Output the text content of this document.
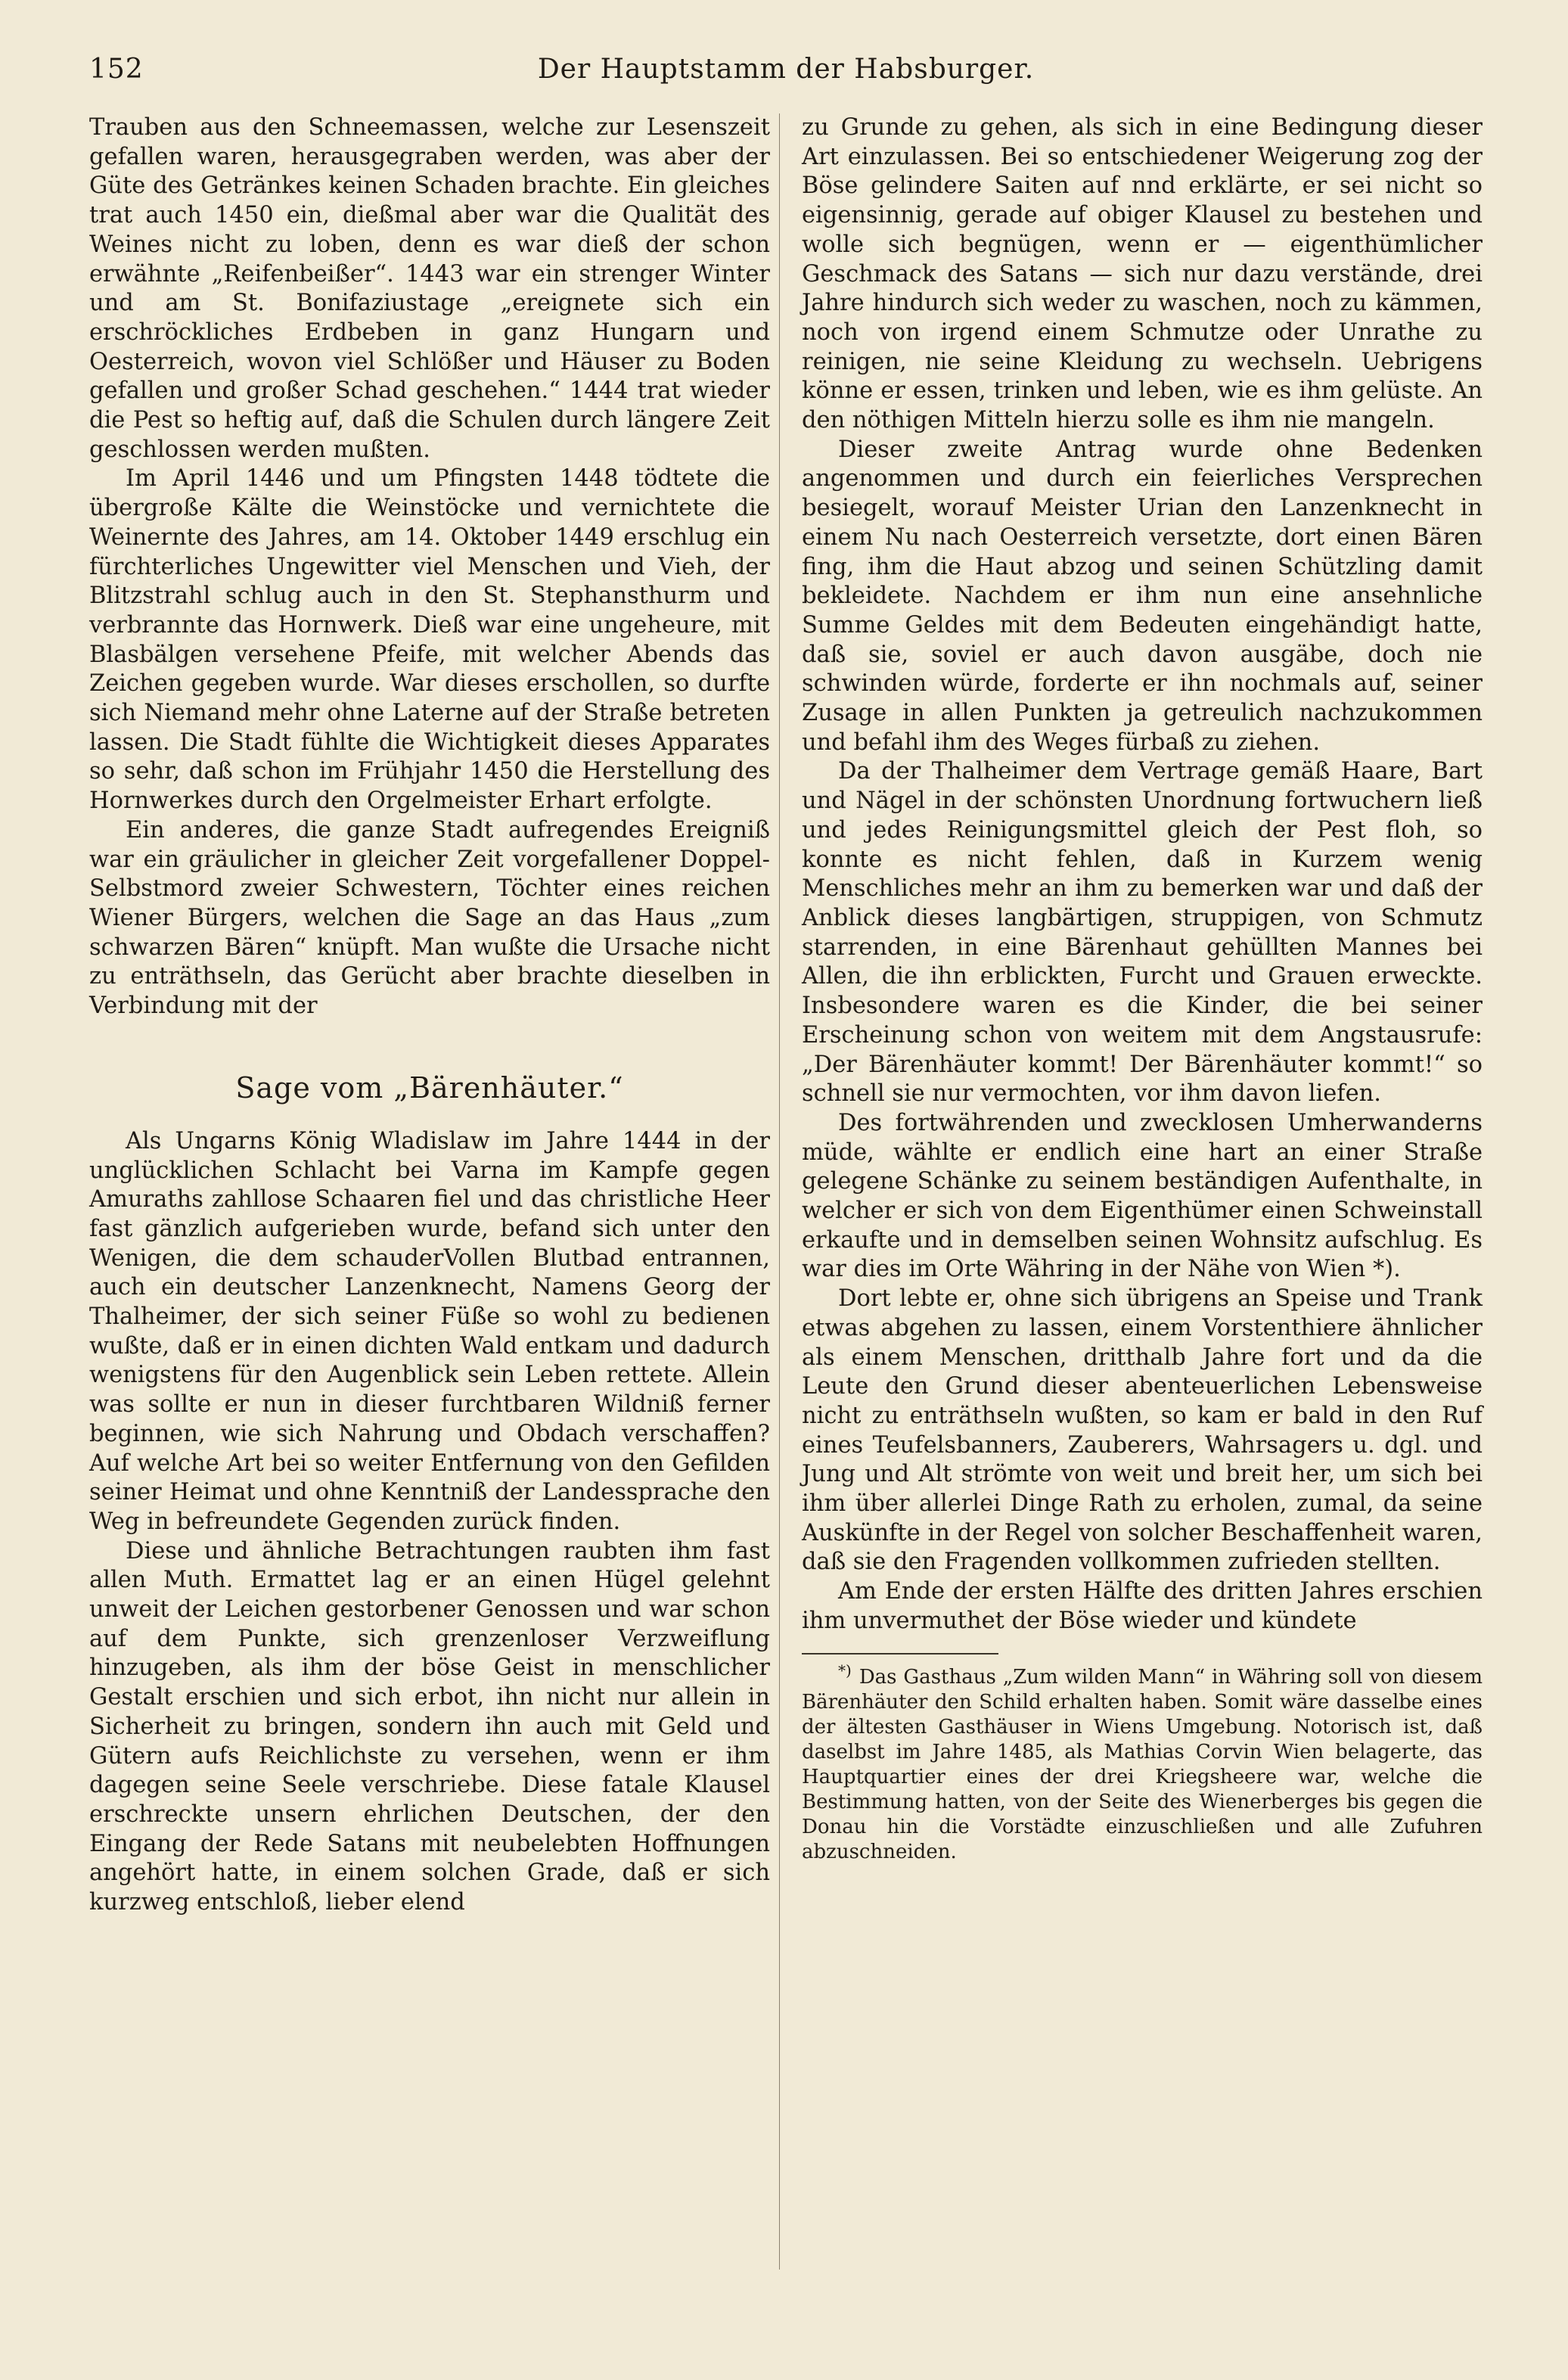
152	Der Hauptstamm der Habsburger.

Trauben aus den Schneemassen, welche zur Lesenszeit gefallen waren, herausgegraben werden, was aber der Güte des Getränkes keinen Schaden brachte. Ein gleiches trat auch 1450 ein, dießmal aber war die Qualität des Weines nicht zu loben, denn es war dieß der schon erwähnte „Reifenbeißer“. 1443 war ein strenger Winter und am St. Bonifaziustage „ereignete sich ein erschröckliches Erdbeben in ganz Hungarn und Oesterreich, wovon viel Schlößer und Häuser zu Boden gefallen und großer Schad geschehen.“ 1444 trat wieder die Pest so heftig auf, daß die Schulen durch längere Zeit geschlossen werden mußten.

Im April 1446 und um Pfingsten 1448 tödtete die übergroße Kälte die Weinstöcke und vernichtete die Weinernte des Jahres, am 14. Oktober 1449 erschlug ein fürchterliches Ungewitter viel Menschen und Vieh, der Blitzstrahl schlug auch in den St. Stephansthurm und verbrannte das Hornwerk. Dieß war eine ungeheure, mit Blasbälgen versehene Pfeife, mit welcher Abends das Zeichen gegeben wurde. War dieses erschollen, so durfte sich Niemand mehr ohne Laterne auf der Straße betreten lassen. Die Stadt fühlte die Wichtigkeit dieses Apparates so sehr, daß schon im Frühjahr 1450 die Herstellung des Hornwerkes durch den Orgelmeister Erhart erfolgte.

Ein anderes, die ganze Stadt aufregendes Ereigniß war ein gräulicher in gleicher Zeit vorgefallener Doppel-Selbstmord zweier Schwestern, Töchter eines reichen Wiener Bürgers, welchen die Sage an das Haus „zum schwarzen Bären“ knüpft. Man wußte die Ursache nicht zu enträthseln, das Gerücht aber brachte dieselben in Verbindung mit der

Sage vom „Bärenhäuter.“

Als Ungarns König Wladislaw im Jahre 1444 in der unglücklichen Schlacht bei Varna im Kampfe gegen Amuraths zahllose Schaaren fiel und das christliche Heer fast gänzlich aufgerieben wurde, befand sich unter den Wenigen, die dem schauderVollen Blutbad entrannen, auch ein deutscher Lanzenknecht, Namens Georg der Thalheimer, der sich seiner Füße so wohl zu bedienen wußte, daß er in einen dichten Wald entkam und dadurch wenigstens für den Augenblick sein Leben rettete. Allein was sollte er nun in dieser furchtbaren Wildniß ferner beginnen, wie sich Nahrung und Obdach verschaffen? Auf welche Art bei so weiter Entfernung von den Gefilden seiner Heimat und ohne Kenntniß der Landessprache den Weg in befreundete Gegenden zurück finden.

Diese und ähnliche Betrachtungen raubten ihm fast allen Muth. Ermattet lag er an einen Hügel gelehnt unweit der Leichen gestorbener Genossen und war schon auf dem Punkte, sich grenzenloser Verzweiflung hinzugeben, als ihm der böse Geist in menschlicher Gestalt erschien und sich erbot, ihn nicht nur allein in Sicherheit zu bringen, sondern ihn auch mit Geld und Gütern aufs Reichlichste zu versehen, wenn er ihm dagegen seine Seele verschriebe. Diese fatale Klausel erschreckte unsern ehrlichen Deutschen, der den Eingang der Rede Satans mit neubelebten Hoffnungen angehört hatte, in einem solchen Grade, daß er sich kurzweg entschloß, lieber elend

zu Grunde zu gehen, als sich in eine Bedingung dieser Art einzulassen. Bei so entschiedener Weigerung zog der Böse gelindere Saiten auf nnd erklärte, er sei nicht so eigensinnig, gerade auf obiger Klausel zu bestehen und wolle sich begnügen, wenn er — eigenthümlicher Geschmack des Satans — sich nur dazu verstände, drei Jahre hindurch sich weder zu waschen, noch zu kämmen, noch von irgend einem Schmutze oder Unrathe zu reinigen, nie seine Kleidung zu wechseln. Uebrigens könne er essen, trinken und leben, wie es ihm gelüste. An den nöthigen Mitteln hierzu solle es ihm nie mangeln.

Dieser zweite Antrag wurde ohne Bedenken angenommen und durch ein feierliches Versprechen besiegelt, worauf Meister Urian den Lanzenknecht in einem Nu nach Oesterreich versetzte, dort einen Bären fing, ihm die Haut abzog und seinen Schützling damit bekleidete. Nachdem er ihm nun eine ansehnliche Summe Geldes mit dem Bedeuten eingehändigt hatte, daß sie, soviel er auch davon ausgäbe, doch nie schwinden würde, forderte er ihn nochmals auf, seiner Zusage in allen Punkten ja getreulich nachzukommen und befahl ihm des Weges fürbaß zu ziehen.

Da der Thalheimer dem Vertrage gemäß Haare, Bart und Nägel in der schönsten Unordnung fortwuchern ließ und jedes Reinigungsmittel gleich der Pest floh, so konnte es nicht fehlen, daß in Kurzem wenig Menschliches mehr an ihm zu bemerken war und daß der Anblick dieses langbärtigen, struppigen, von Schmutz starrenden, in eine Bärenhaut gehüllten Mannes bei Allen, die ihn erblickten, Furcht und Grauen erweckte. Insbesondere waren es die Kinder, die bei seiner Erscheinung schon von weitem mit dem Angstausrufe: „Der Bärenhäuter kommt! Der Bärenhäuter kommt!“ so schnell sie nur vermochten, vor ihm davon liefen.

Des fortwährenden und zwecklosen Umherwanderns müde, wählte er endlich eine hart an einer Straße gelegene Schänke zu seinem beständigen Aufenthalte, in welcher er sich von dem Eigenthümer einen Schweinstall erkaufte und in demselben seinen Wohnsitz aufschlug. Es war dies im Orte Währing in der Nähe von Wien *).

Dort lebte er, ohne sich übrigens an Speise und Trank etwas abgehen zu lassen, einem Vorstenthiere ähnlicher als einem Menschen, dritthalb Jahre fort und da die Leute den Grund dieser abenteuerlichen Lebensweise nicht zu enträthseln wußten, so kam er bald in den Ruf eines Teufelsbanners, Zauberers, Wahrsagers u. dgl. und Jung und Alt strömte von weit und breit her, um sich bei ihm über allerlei Dinge Rath zu erholen, zumal, da seine Auskünfte in der Regel von solcher Beschaffenheit waren, daß sie den Fragenden vollkommen zufrieden stellten.

Am Ende der ersten Hälfte des dritten Jahres erschien ihm unvermuthet der Böse wieder und kündete

*) Das Gasthaus „Zum wilden Mann“ in Währing soll von diesem Bärenhäuter den Schild erhalten haben. Somit wäre dasselbe eines der ältesten Gasthäuser in Wiens Umgebung. Notorisch ist, daß daselbst im Jahre 1485, als Mathias Corvin Wien belagerte, das Hauptquartier eines der drei Kriegsheere war, welche die Bestimmung hatten, von der Seite des Wienerberges bis gegen die Donau hin die Vorstädte einzuschließen und alle Zufuhren abzuschneiden.
